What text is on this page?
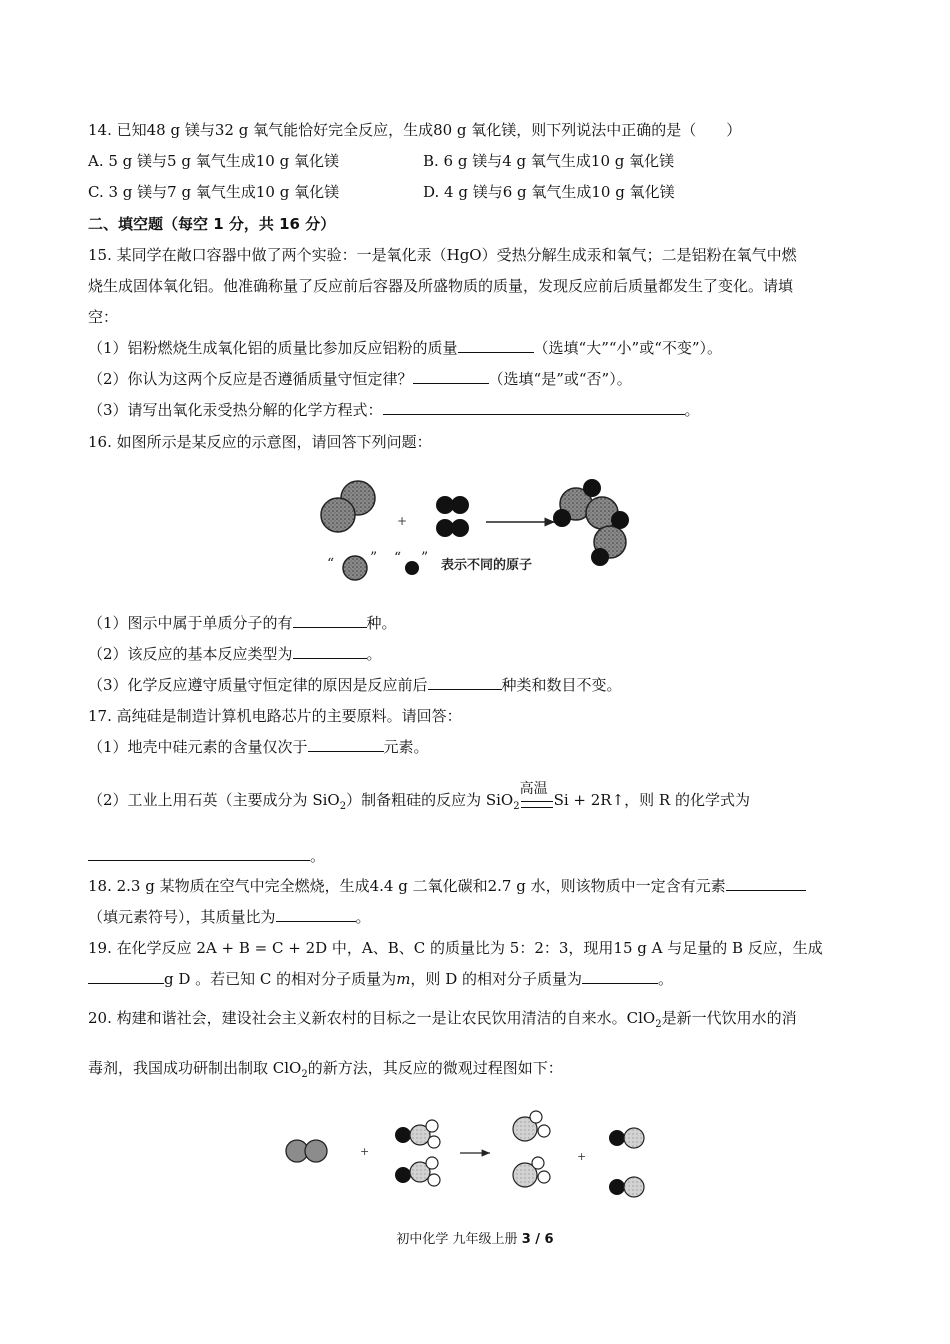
14. 已知48 g 镁与32 g 氧气能恰好完全反应，生成80 g 氧化镁，则下列说法中正确的是（　　）
A. 5 g 镁与5 g 氧气生成10 g 氧化镁	B. 6 g 镁与4 g 氧气生成10 g 氧化镁
C. 3 g 镁与7 g 氧气生成10 g 氧化镁	D. 4 g 镁与6 g 氧气生成10 g 氧化镁
二、填空题（每空 1 分，共 16 分）
15. 某同学在敞口容器中做了两个实验：一是氧化汞（HgO）受热分解生成汞和氧气；二是铝粉在氧气中燃
烧生成固体氧化铝。他准确称量了反应前后容器及所盛物质的质量，发现反应前后质量都发生了变化。请填
空：
（1）铝粉燃烧生成氧化铝的质量比参加反应铝粉的质量	（选填“大”“小”或“不变”）。
（2）你认为这两个反应是否遵循质量守恒定律？	（选填“是”或“否”）。
（3）请写出氧化汞受热分解的化学方程式：	。
16. 如图所示是某反应的示意图，请回答下列问题：
+
“	” “ ” 表示不同的原子
（1）图示中属于单质分子的有	种。
（2）该反应的基本反应类型为	。
（3）化学反应遵守质量守恒定律的原因是反应前后	种类和数目不变。
17. 高纯硅是制造计算机电路芯片的主要原料。请回答：
（1）地壳中硅元素的含量仅次于	元素。
（2）工业上用石英（主要成分为 SiO$_2$）制备粗硅的反应为 SiO$_2$
高温
Si + 2R↑，则 R 的化学式为
。
18. 2.3 g 某物质在空气中完全燃烧，生成4.4 g 二氧化碳和2.7 g 水，则该物质中一定含有元素
（填元素符号），其质量比为	。
19. 在化学反应 2A + B = C + 2D 中，A、B、C 的质量比为 5：2：3，现用15 g A 与足量的 B 反应，生成
g D 。若已知 C 的相对分子质量为m，则 D 的相对分子质量为	。
20. 构建和谐社会，建设社会主义新农村的目标之一是让农民饮用清洁的自来水。ClO$_2$是新一代饮用水的消
毒剂，我国成功研制出制取 ClO$_2$的新方法，其反应的微观过程图如下：
+	+
初中化学 九年级上册 3 / 6
